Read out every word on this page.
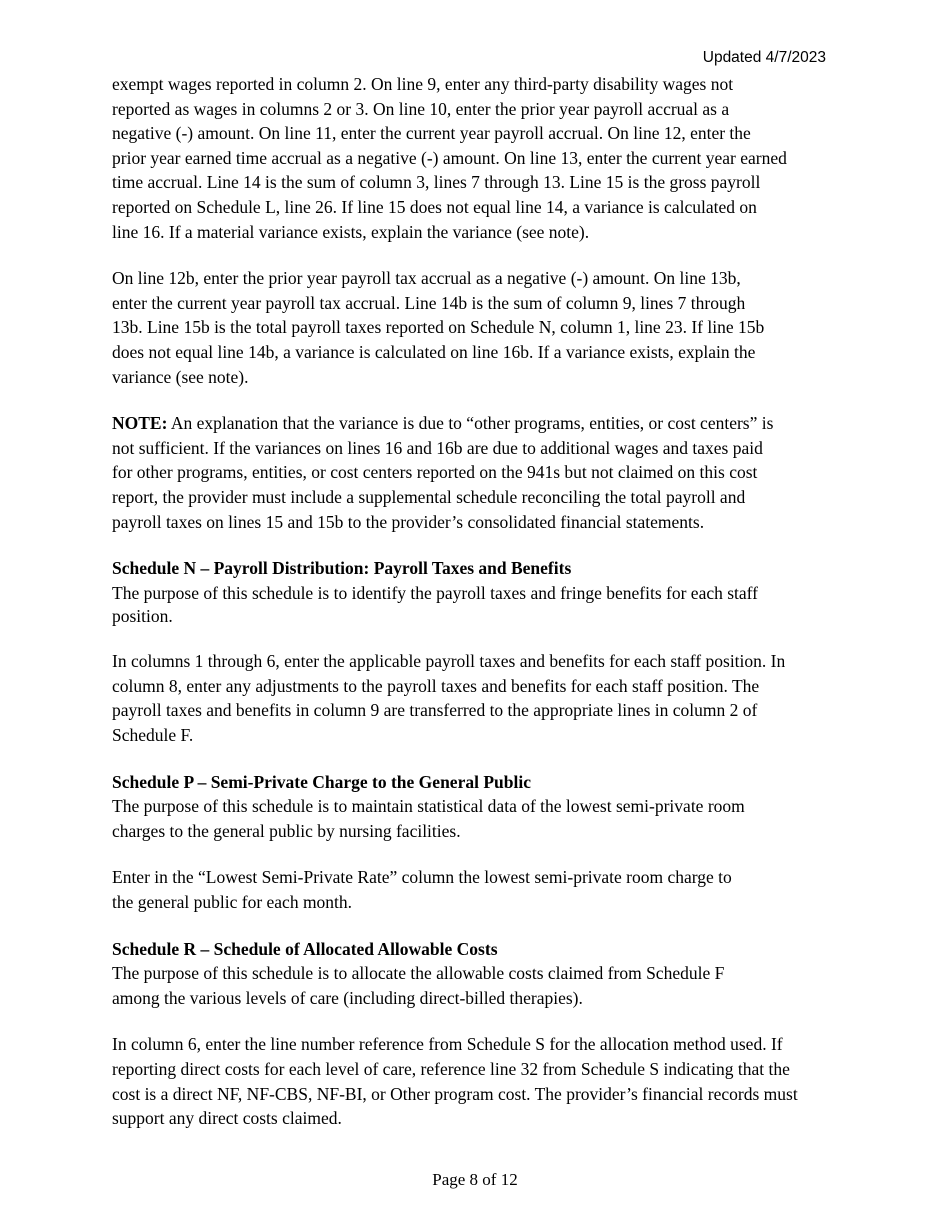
Updated 4/7/2023

exempt wages reported in column 2. On line 9, enter any third-party disability wages not
reported as wages in columns 2 or 3. On line 10, enter the prior year payroll accrual as a
negative (-) amount. On line 11, enter the current year payroll accrual. On line 12, enter the
prior year earned time accrual as a negative (-) amount. On line 13, enter the current year earned
time accrual. Line 14 is the sum of column 3, lines 7 through 13. Line 15 is the gross payroll
reported on Schedule L, line 26. If line 15 does not equal line 14, a variance is calculated on
line 16. If a material variance exists, explain the variance (see note).

On line 12b, enter the prior year payroll tax accrual as a negative (-) amount. On line 13b,
enter the current year payroll tax accrual. Line 14b is the sum of column 9, lines 7 through
13b. Line 15b is the total payroll taxes reported on Schedule N, column 1, line 23. If line 15b
does not equal line 14b, a variance is calculated on line 16b. If a variance exists, explain the
variance (see note).

NOTE: An explanation that the variance is due to “other programs, entities, or cost centers” is
not sufficient. If the variances on lines 16 and 16b are due to additional wages and taxes paid
for other programs, entities, or cost centers reported on the 941s but not claimed on this cost
report, the provider must include a supplemental schedule reconciling the total payroll and
payroll taxes on lines 15 and 15b to the provider’s consolidated financial statements.

Schedule N – Payroll Distribution: Payroll Taxes and Benefits
The purpose of this schedule is to identify the payroll taxes and fringe benefits for each staff
position.

In columns 1 through 6, enter the applicable payroll taxes and benefits for each staff position. In
column 8, enter any adjustments to the payroll taxes and benefits for each staff position. The
payroll taxes and benefits in column 9 are transferred to the appropriate lines in column 2 of
Schedule F.

Schedule P – Semi-Private Charge to the General Public
The purpose of this schedule is to maintain statistical data of the lowest semi-private room
charges to the general public by nursing facilities.

Enter in the “Lowest Semi-Private Rate” column the lowest semi-private room charge to
the general public for each month.

Schedule R – Schedule of Allocated Allowable Costs
The purpose of this schedule is to allocate the allowable costs claimed from Schedule F
among the various levels of care (including direct-billed therapies).

In column 6, enter the line number reference from Schedule S for the allocation method used. If
reporting direct costs for each level of care, reference line 32 from Schedule S indicating that the
cost is a direct NF, NF-CBS, NF-BI, or Other program cost. The provider’s financial records must
support any direct costs claimed.

Page 8 of 12
